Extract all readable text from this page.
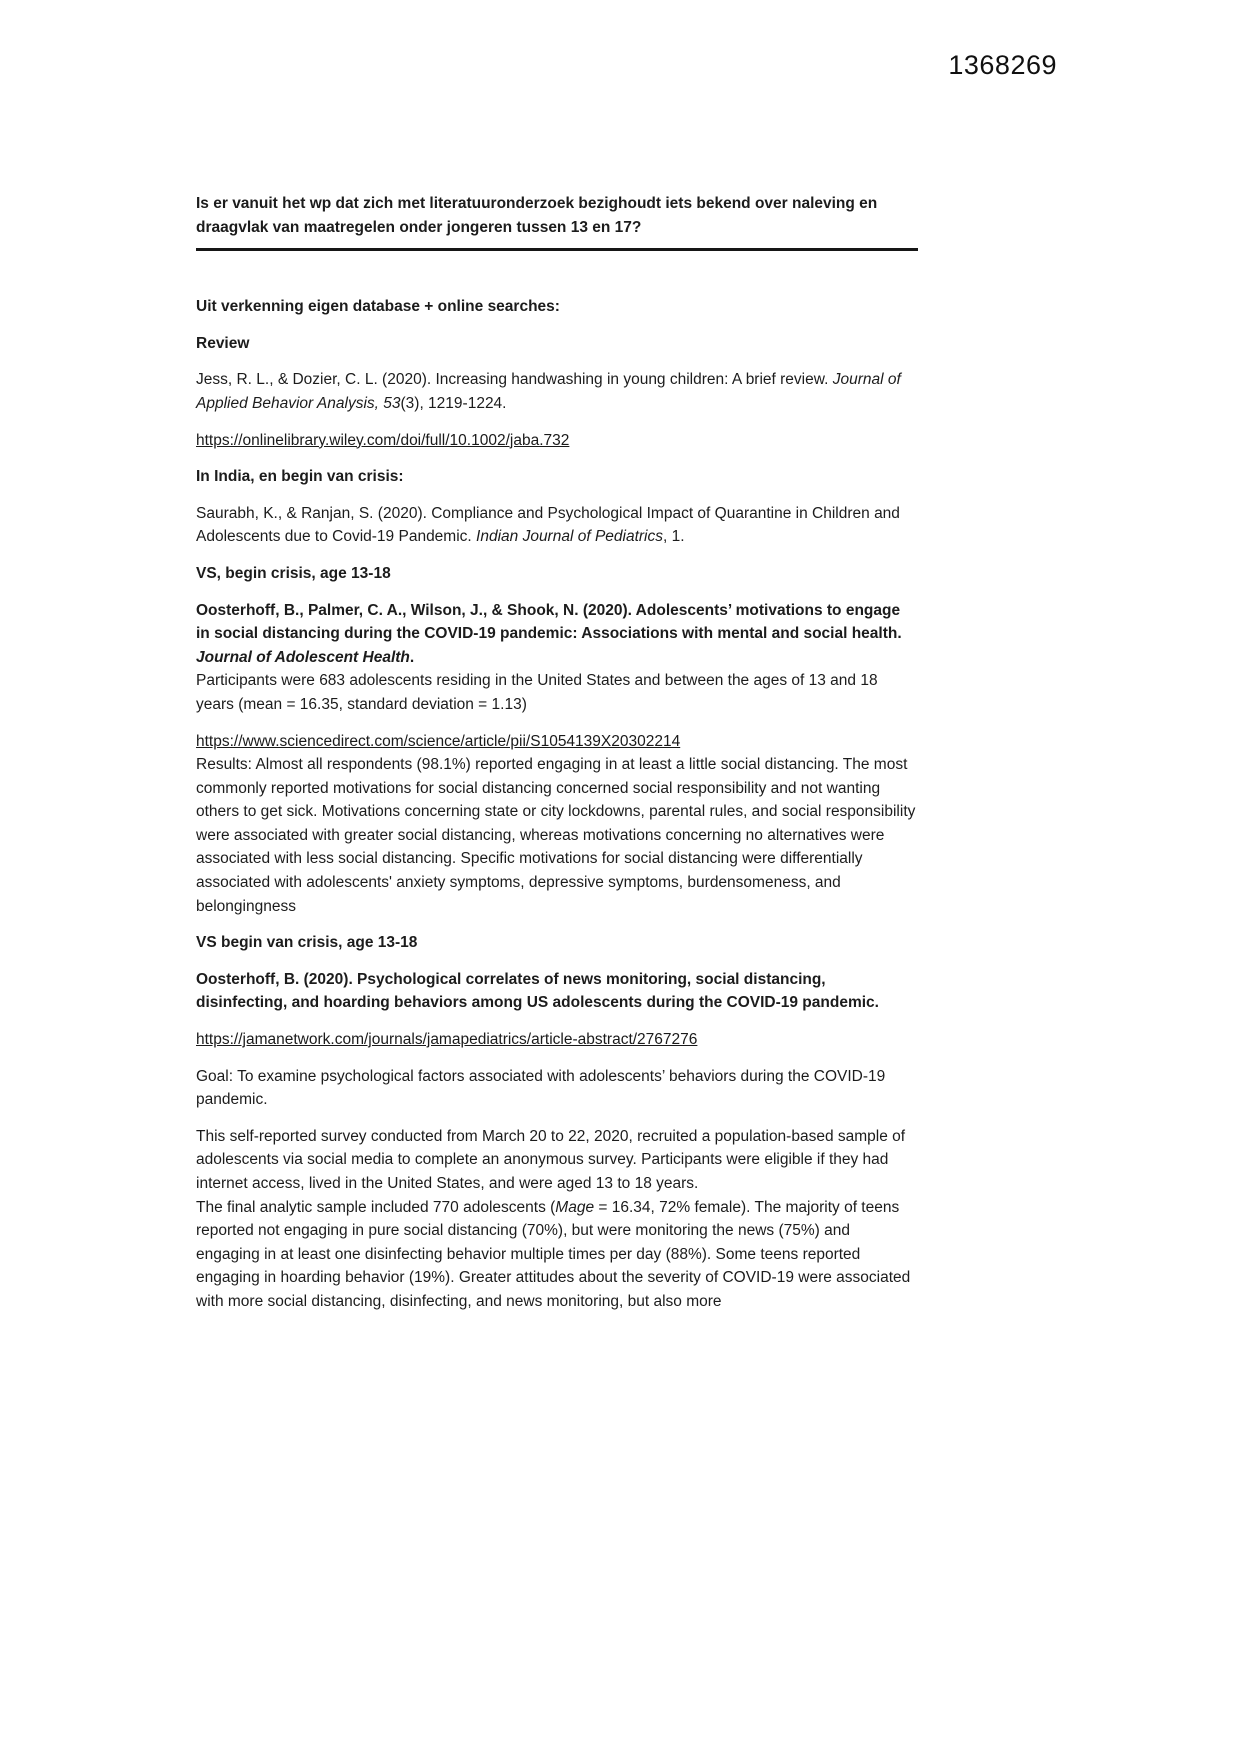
1368269
Is er vanuit het wp dat zich met literatuuronderzoek bezighoudt iets bekend over naleving en draagvlak van maatregelen onder jongeren tussen 13 en 17?

Uit verkenning eigen database + online searches:

Review

Jess, R. L., & Dozier, C. L. (2020). Increasing handwashing in young children: A brief review. Journal of Applied Behavior Analysis, 53(3), 1219-1224.

https://onlinelibrary.wiley.com/doi/full/10.1002/jaba.732

In India, en begin van crisis:

Saurabh, K., & Ranjan, S. (2020). Compliance and Psychological Impact of Quarantine in Children and Adolescents due to Covid-19 Pandemic. Indian Journal of Pediatrics, 1.

VS, begin crisis, age 13-18

Oosterhoff, B., Palmer, C. A., Wilson, J., & Shook, N. (2020). Adolescents’ motivations to engage in social distancing during the COVID-19 pandemic: Associations with mental and social health. Journal of Adolescent Health.
Participants were 683 adolescents residing in the United States and between the ages of 13 and 18 years (mean = 16.35, standard deviation = 1.13)

https://www.sciencedirect.com/science/article/pii/S1054139X20302214
Results: Almost all respondents (98.1%) reported engaging in at least a little social distancing. The most commonly reported motivations for social distancing concerned social responsibility and not wanting others to get sick. Motivations concerning state or city lockdowns, parental rules, and social responsibility were associated with greater social distancing, whereas motivations concerning no alternatives were associated with less social distancing. Specific motivations for social distancing were differentially associated with adolescents' anxiety symptoms, depressive symptoms, burdensomeness, and belongingness

VS begin van crisis, age 13-18

Oosterhoff, B. (2020). Psychological correlates of news monitoring, social distancing, disinfecting, and hoarding behaviors among US adolescents during the COVID-19 pandemic.

https://jamanetwork.com/journals/jamapediatrics/article-abstract/2767276

Goal: To examine psychological factors associated with adolescents’ behaviors during the COVID-19 pandemic.

This self-reported survey conducted from March 20 to 22, 2020, recruited a population-based sample of adolescents via social media to complete an anonymous survey. Participants were eligible if they had internet access, lived in the United States, and were aged 13 to 18 years.
The final analytic sample included 770 adolescents (Mage = 16.34, 72% female). The majority of teens reported not engaging in pure social distancing (70%), but were monitoring the news (75%) and engaging in at least one disinfecting behavior multiple times per day (88%). Some teens reported engaging in hoarding behavior (19%). Greater attitudes about the severity of COVID-19 were associated with more social distancing, disinfecting, and news monitoring, but also more
